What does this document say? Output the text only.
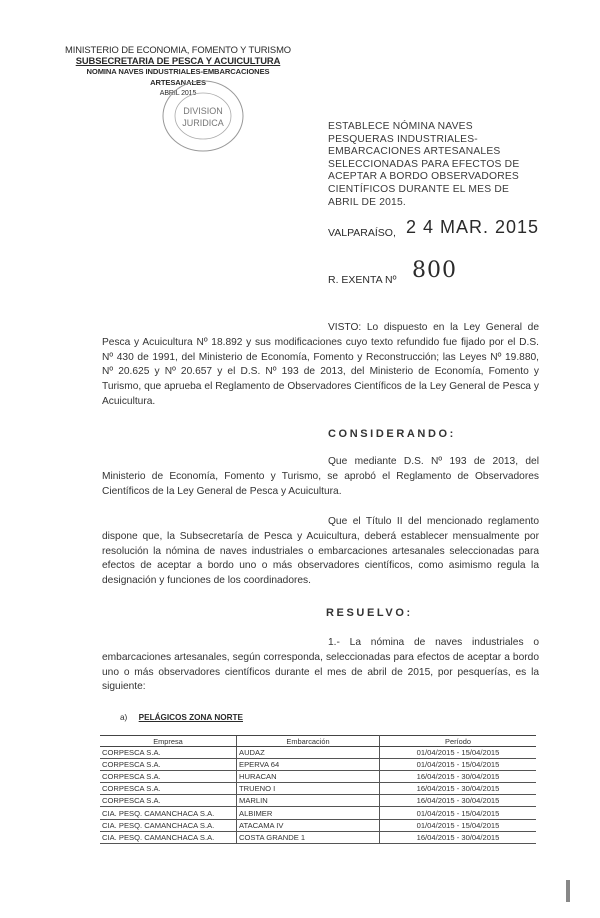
MINISTERIO DE ECONOMIA, FOMENTO Y TURISMO
SUBSECRETARIA DE PESCA Y ACUICULTURA
NOMINA NAVES INDUSTRIALES-EMBARCACIONES ARTESANALES
ABRIL 2015
DIVISION
JURIDICA	ESTABLECE NÓMINA NAVES PESQUERAS INDUSTRIALES-EMBARCACIONES ARTESANALES SELECCIONADAS PARA EFECTOS DE ACEPTAR A BORDO OBSERVADORES CIENTÍFICOS DURANTE EL MES DE ABRIL DE 2015.
VALPARAÍSO, 2 4 MAR. 2015
R. EXENTA Nº 800
VISTO: Lo dispuesto en la Ley General de Pesca y Acuicultura Nº 18.892 y sus modificaciones cuyo texto refundido fue fijado por el D.S. Nº 430 de 1991, del Ministerio de Economía, Fomento y Reconstrucción; las Leyes Nº 19.880, Nº 20.625 y Nº 20.657 y el D.S. Nº 193 de 2013, del Ministerio de Economía, Fomento y Turismo, que aprueba el Reglamento de Observadores Científicos de la Ley General de Pesca y Acuicultura.
CONSIDERANDO:
Que mediante D.S. Nº 193 de 2013, del Ministerio de Economía, Fomento y Turismo, se aprobó el Reglamento de Observadores Científicos de la Ley General de Pesca y Acuicultura.
Que el Título II del mencionado reglamento dispone que, la Subsecretaría de Pesca y Acuicultura, deberá establecer mensualmente por resolución la nómina de naves industriales o embarcaciones artesanales seleccionadas para efectos de aceptar a bordo uno o más observadores científicos, como asimismo regula la designación y funciones de los coordinadores.
RESUELVO:
1.- La nómina de naves industriales o embarcaciones artesanales, según corresponda, seleccionadas para efectos de aceptar a bordo uno o más observadores científicos durante el mes de abril de 2015, por pesquerías, es la siguiente:
a) PELÁGICOS ZONA NORTE
Empresa	Embarcación	Período
CORPESCA S.A.	AUDAZ	01/04/2015 - 15/04/2015
CORPESCA S.A.	EPERVA 64	01/04/2015 - 15/04/2015
CORPESCA S.A.	HURACAN	16/04/2015 - 30/04/2015
CORPESCA S.A.	TRUENO I	16/04/2015 - 30/04/2015
CORPESCA S.A.	MARLIN	16/04/2015 - 30/04/2015
CIA. PESQ. CAMANCHACA S.A.	ALBIMER	01/04/2015 - 15/04/2015
CIA. PESQ. CAMANCHACA S.A.	ATACAMA IV	01/04/2015 - 15/04/2015
CIA. PESQ. CAMANCHACA S.A.	COSTA GRANDE 1	16/04/2015 - 30/04/2015
